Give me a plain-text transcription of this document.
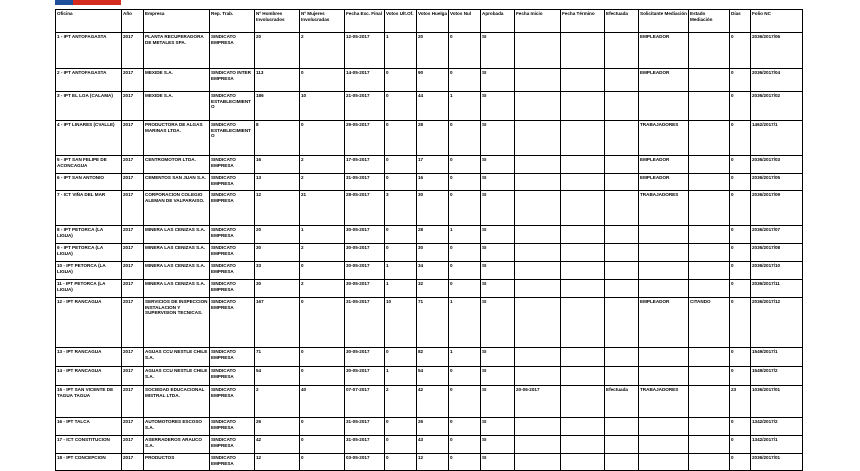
Oficina	Año	Empresa	Rep. Trab.	Nº Hombres Involucrados	Nº Mujeres Involucradas	Fecha Exc. Final	Votos Ult.Of.	Votos Huelga	Votos Nul	Aprobada	Fecha Inicio	Fecha Término	Efectuada	Solicitante Mediación	Estado Mediación	Días	Folio NC
1 - IPT ANTOFAGASTA	2017	PLANTA RECUPERADORA DE METALES SPA.	SINDICATO EMPRESA	20	2	12-05-2017	1	20	0	SI				EMPLEADOR		0	2036/2017/06
2 - IPT ANTOFAGASTA	2017	MEXIDE S.A.	SINDICATO INTER EMPRESA	113	0	14-05-2017	0	90	0	SI				EMPLEADOR		0	2036/2017/04
3 - IPT EL LOA (CALAMA)	2017	MEXIDE S.A.	SINDICATO ESTABLECIMIENTO	186	10	21-05-2017	0	44	1	SI						0	2036/2017/02
4 - IPT LINARES (CVALLE)	2017	PRODUCTORA DE ALGAS MARINAS LTDA.	SINDICATO ESTABLECIMIENTO	8	0	29-05-2017	0	28	0	SI				TRABAJADORES		0	1462/2017/1
5 - IPT SAN FELIPE DE ACONCAGUA	2017	CENTROMOTOR LTDA.	SINDICATO EMPRESA	16	2	17-05-2017	0	17	0	SI				EMPLEADOR		0	2036/2017/03
6 - IPT SAN ANTONIO	2017	CEMENTOS SAN JUAN S.A.	SINDICATO EMPRESA	13	2	31-05-2017	0	16	0	SI				EMPLEADOR		0	2036/2017/05
7 - ICT VIÑA DEL MAR	2017	CORPORACION COLEGIO ALEMAN DE VALPARAISO.	SINDICATO EMPRESA	12	21	28-05-2017	3	30	0	SI				TRABAJADORES		0	2036/2017/09
8 - IPT PETORCA (LA LIGUA)	2017	MINERA LAS CENIZAS S.A.	SINDICATO EMPRESA	20	1	30-05-2017	0	28	1	SI						0	2036/2017/07
9 - IPT PETORCA (LA LIGUA)	2017	MINERA LAS CENIZAS S.A.	SINDICATO EMPRESA	30	2	30-05-2017	0	30	0	SI						0	2036/2017/08
10 - IPT PETORCA (LA LIGUA)	2017	MINERA LAS CENIZAS S.A.	SINDICATO EMPRESA	33	0	30-05-2017	1	34	0	SI						0	2036/2017/10
11 - IPT PETORCA (LA LIGUA)	2017	MINERA LAS CENIZAS S.A.	SINDICATO EMPRESA	30	2	30-05-2017	1	32	0	SI						0	2036/2017/11
12 - IPT RANCAGUA	2017	SERVICIOS DE INSPECCION INSTALACION Y SUPERVISION TECNICAS.	SINDICATO EMPRESA	167	0	31-05-2017	10	71	1	SI				EMPLEADOR	CITANDO	0	2036/2017/12
13 - IPT RANCAGUA	2017	AGUAS CCU NESTLE CHILE S.A.	SINDICATO EMPRESA	71	0	30-05-2017	0	82	1	SI						0	1549/2017/1
14 - IPT RANCAGUA	2017	AGUAS CCU NESTLE CHILE S.A.	SINDICATO EMPRESA	54	0	30-05-2017	1	54	0	SI						0	1549/2017/2
15 - IPT SAN VICENTE DE TAGUA TAGUA	2017	SOCIEDAD EDUCACIONAL MISTRAL LTDA.	SINDICATO EMPRESA	2	40	07-07-2017	2	42	0	SI	20-06-2017		Efectuada	TRABAJADORES		23	1036/2017/01
16 - IPT TALCA	2017	AUTOMOTORES ESCOSO S.A.	SINDICATO EMPRESA	26	0	31-05-2017	0	26	0	SI						0	1342/2017/2
17 - ICT CONSTITUCION	2017	ASERRADEROS ARAUCO S.A.	SINDICATO EMPRESA	42	0	31-05-2017	0	43	0	SI						0	1342/2017/1
18 - IPT CONCEPCION	2017	PRODUCTOS	SINDICATO EMPRESA	12	0	03-05-2017	0	12	0	SI						0	2036/2017/01
